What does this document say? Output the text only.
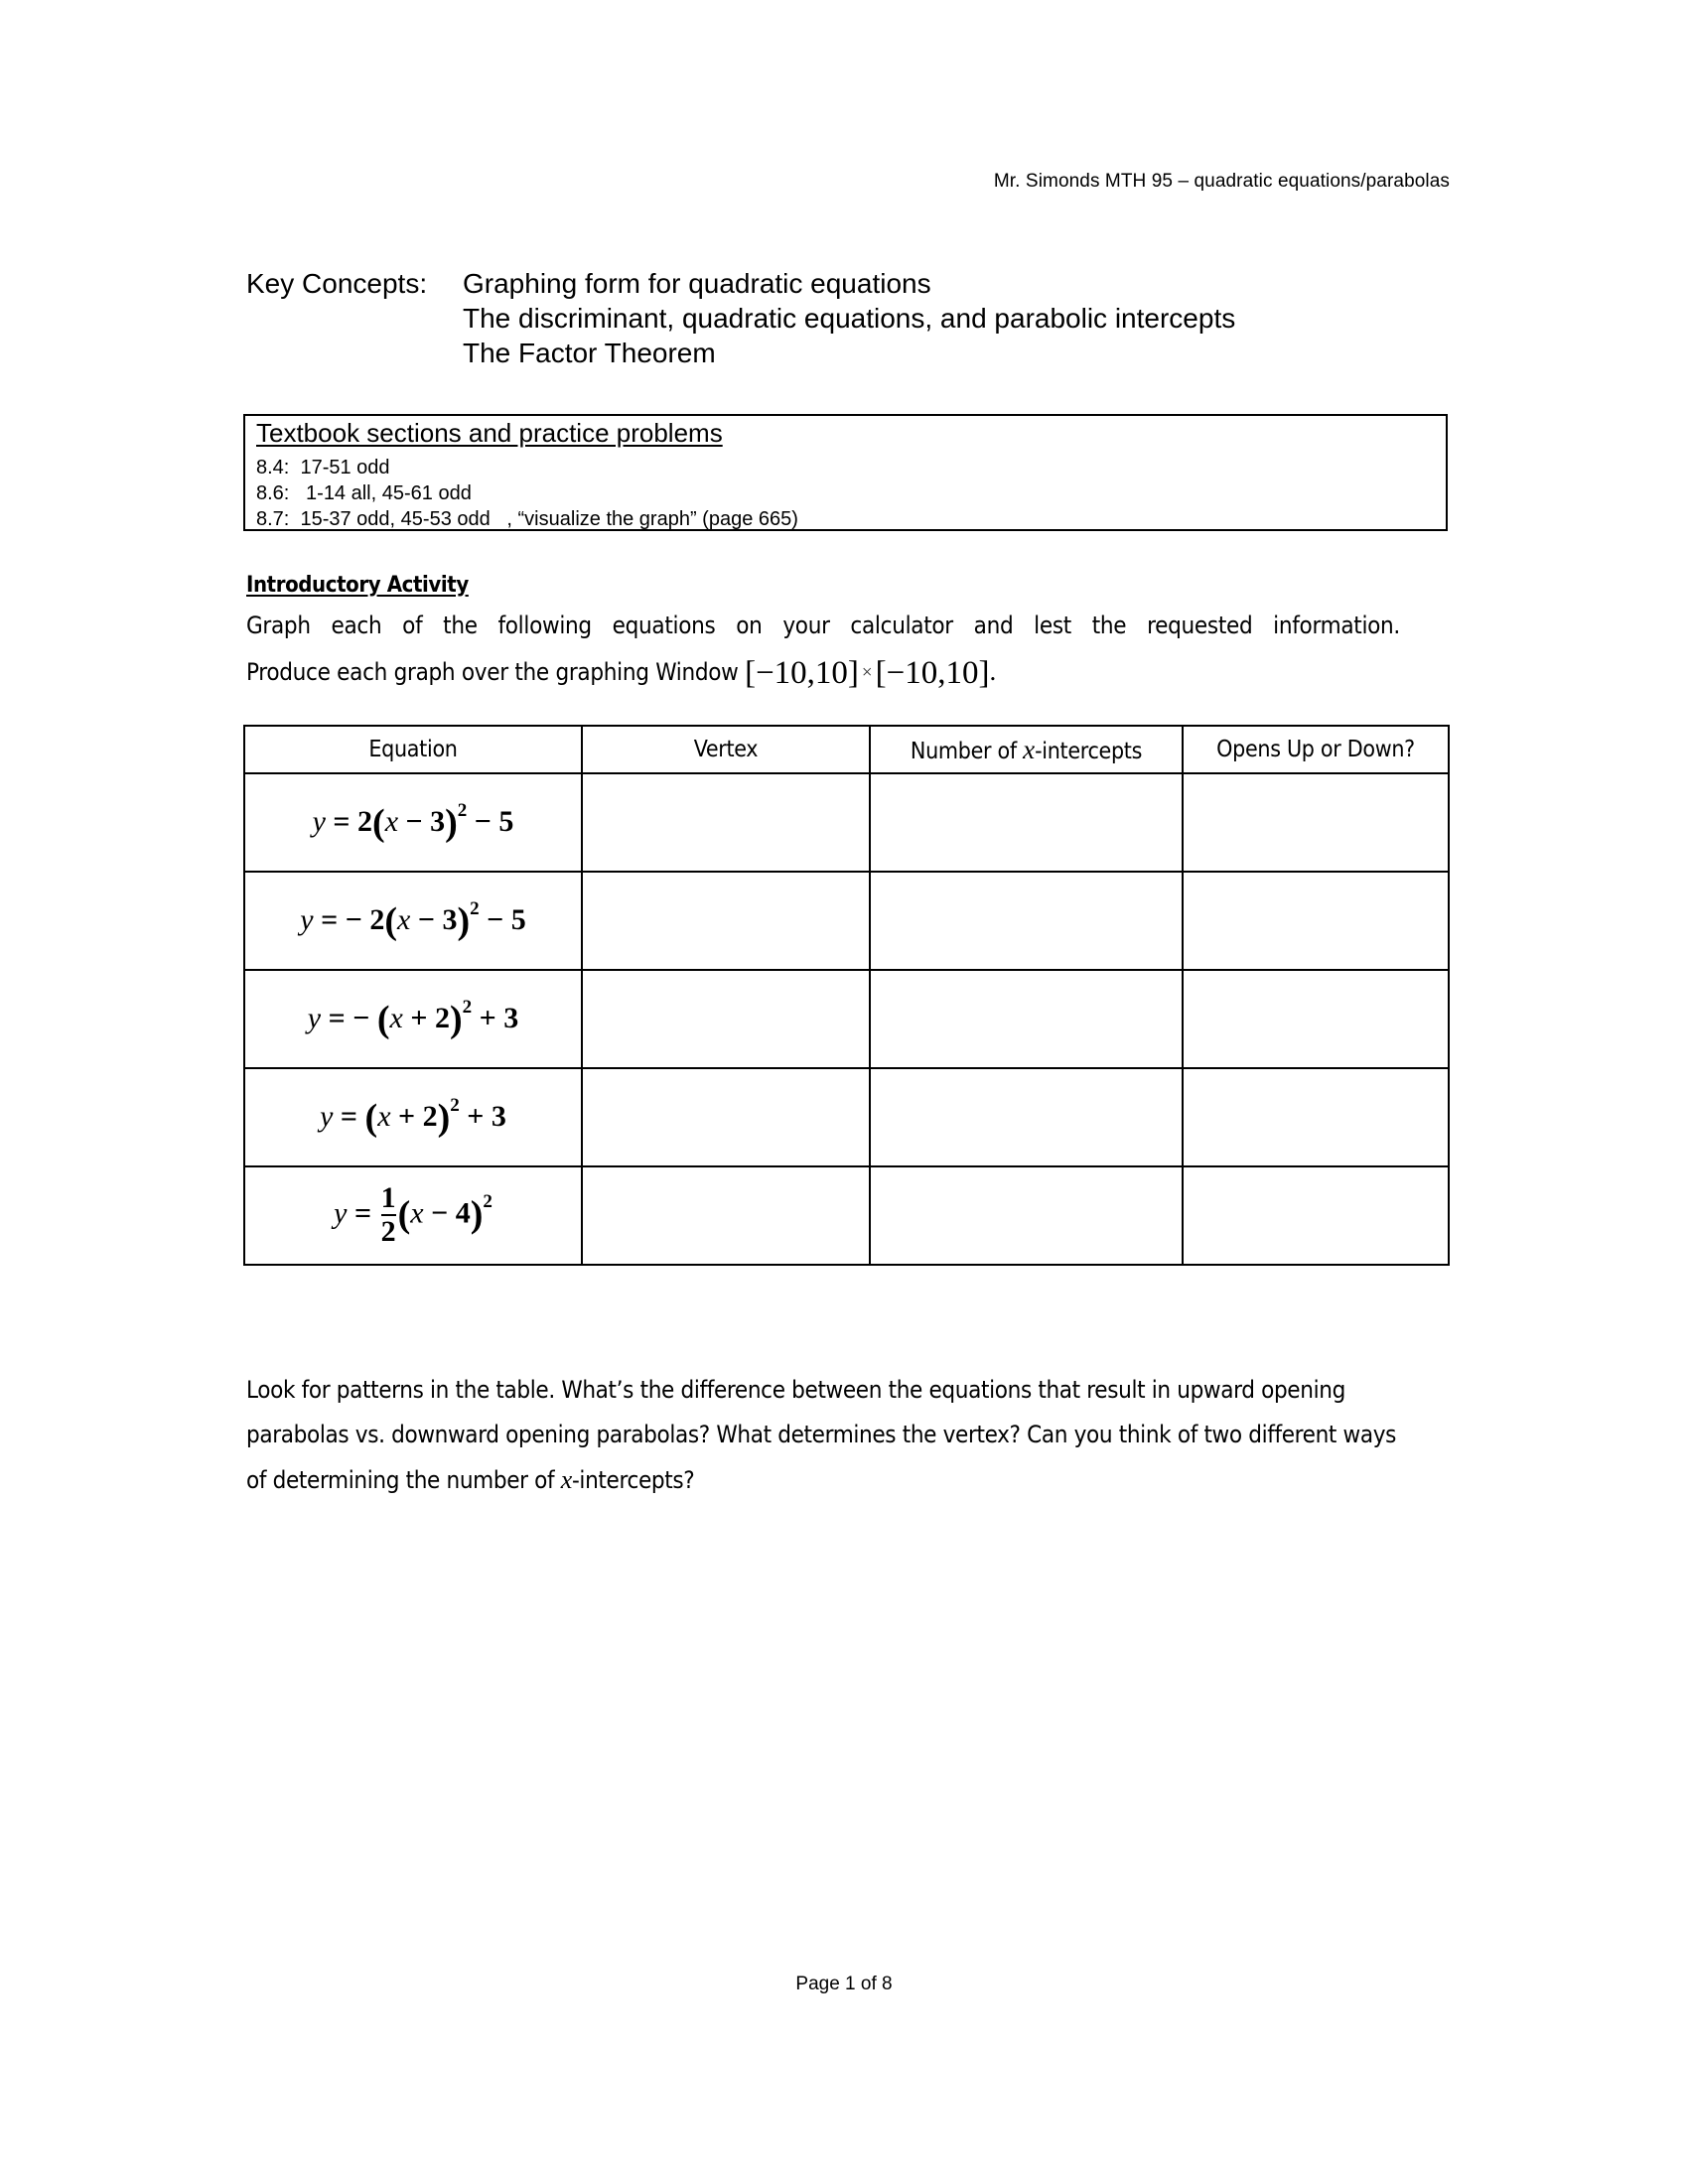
Mr. Simonds MTH 95 – quadratic equations/parabolas
Key Concepts:	Graphing form for quadratic equations
The discriminant, quadratic equations, and parabolic intercepts
The Factor Theorem
Textbook sections and practice problems
8.4:  17-51 odd
8.6:   1-14 all, 45-61 odd
8.7:  15-37 odd, 45-53 odd   , “visualize the graph” (page 665)
Introductory Activity
Graph each of the following equations on your calculator and lest the requested information.
Produce each graph over the graphing Window [−10,10] ×[−10,10].
Equation	Vertex	Number of x-intercepts	Opens Up or Down?
$y = 2(x - 3)^2 - 5$			
y = − $2(x - 3)^2 - 5$			
y = − $(x + 2)^2 + 3$			
$y = (x + 2)^2 + 3$			
$y = \frac{1}{2} (x - 4)^2$			
Look for patterns in the table. What’s the difference between the equations that result in upward opening parabolas vs. downward opening parabolas? What determines the vertex? Can you think of two different ways of determining the number of x-intercepts?
Page 1 of 8
